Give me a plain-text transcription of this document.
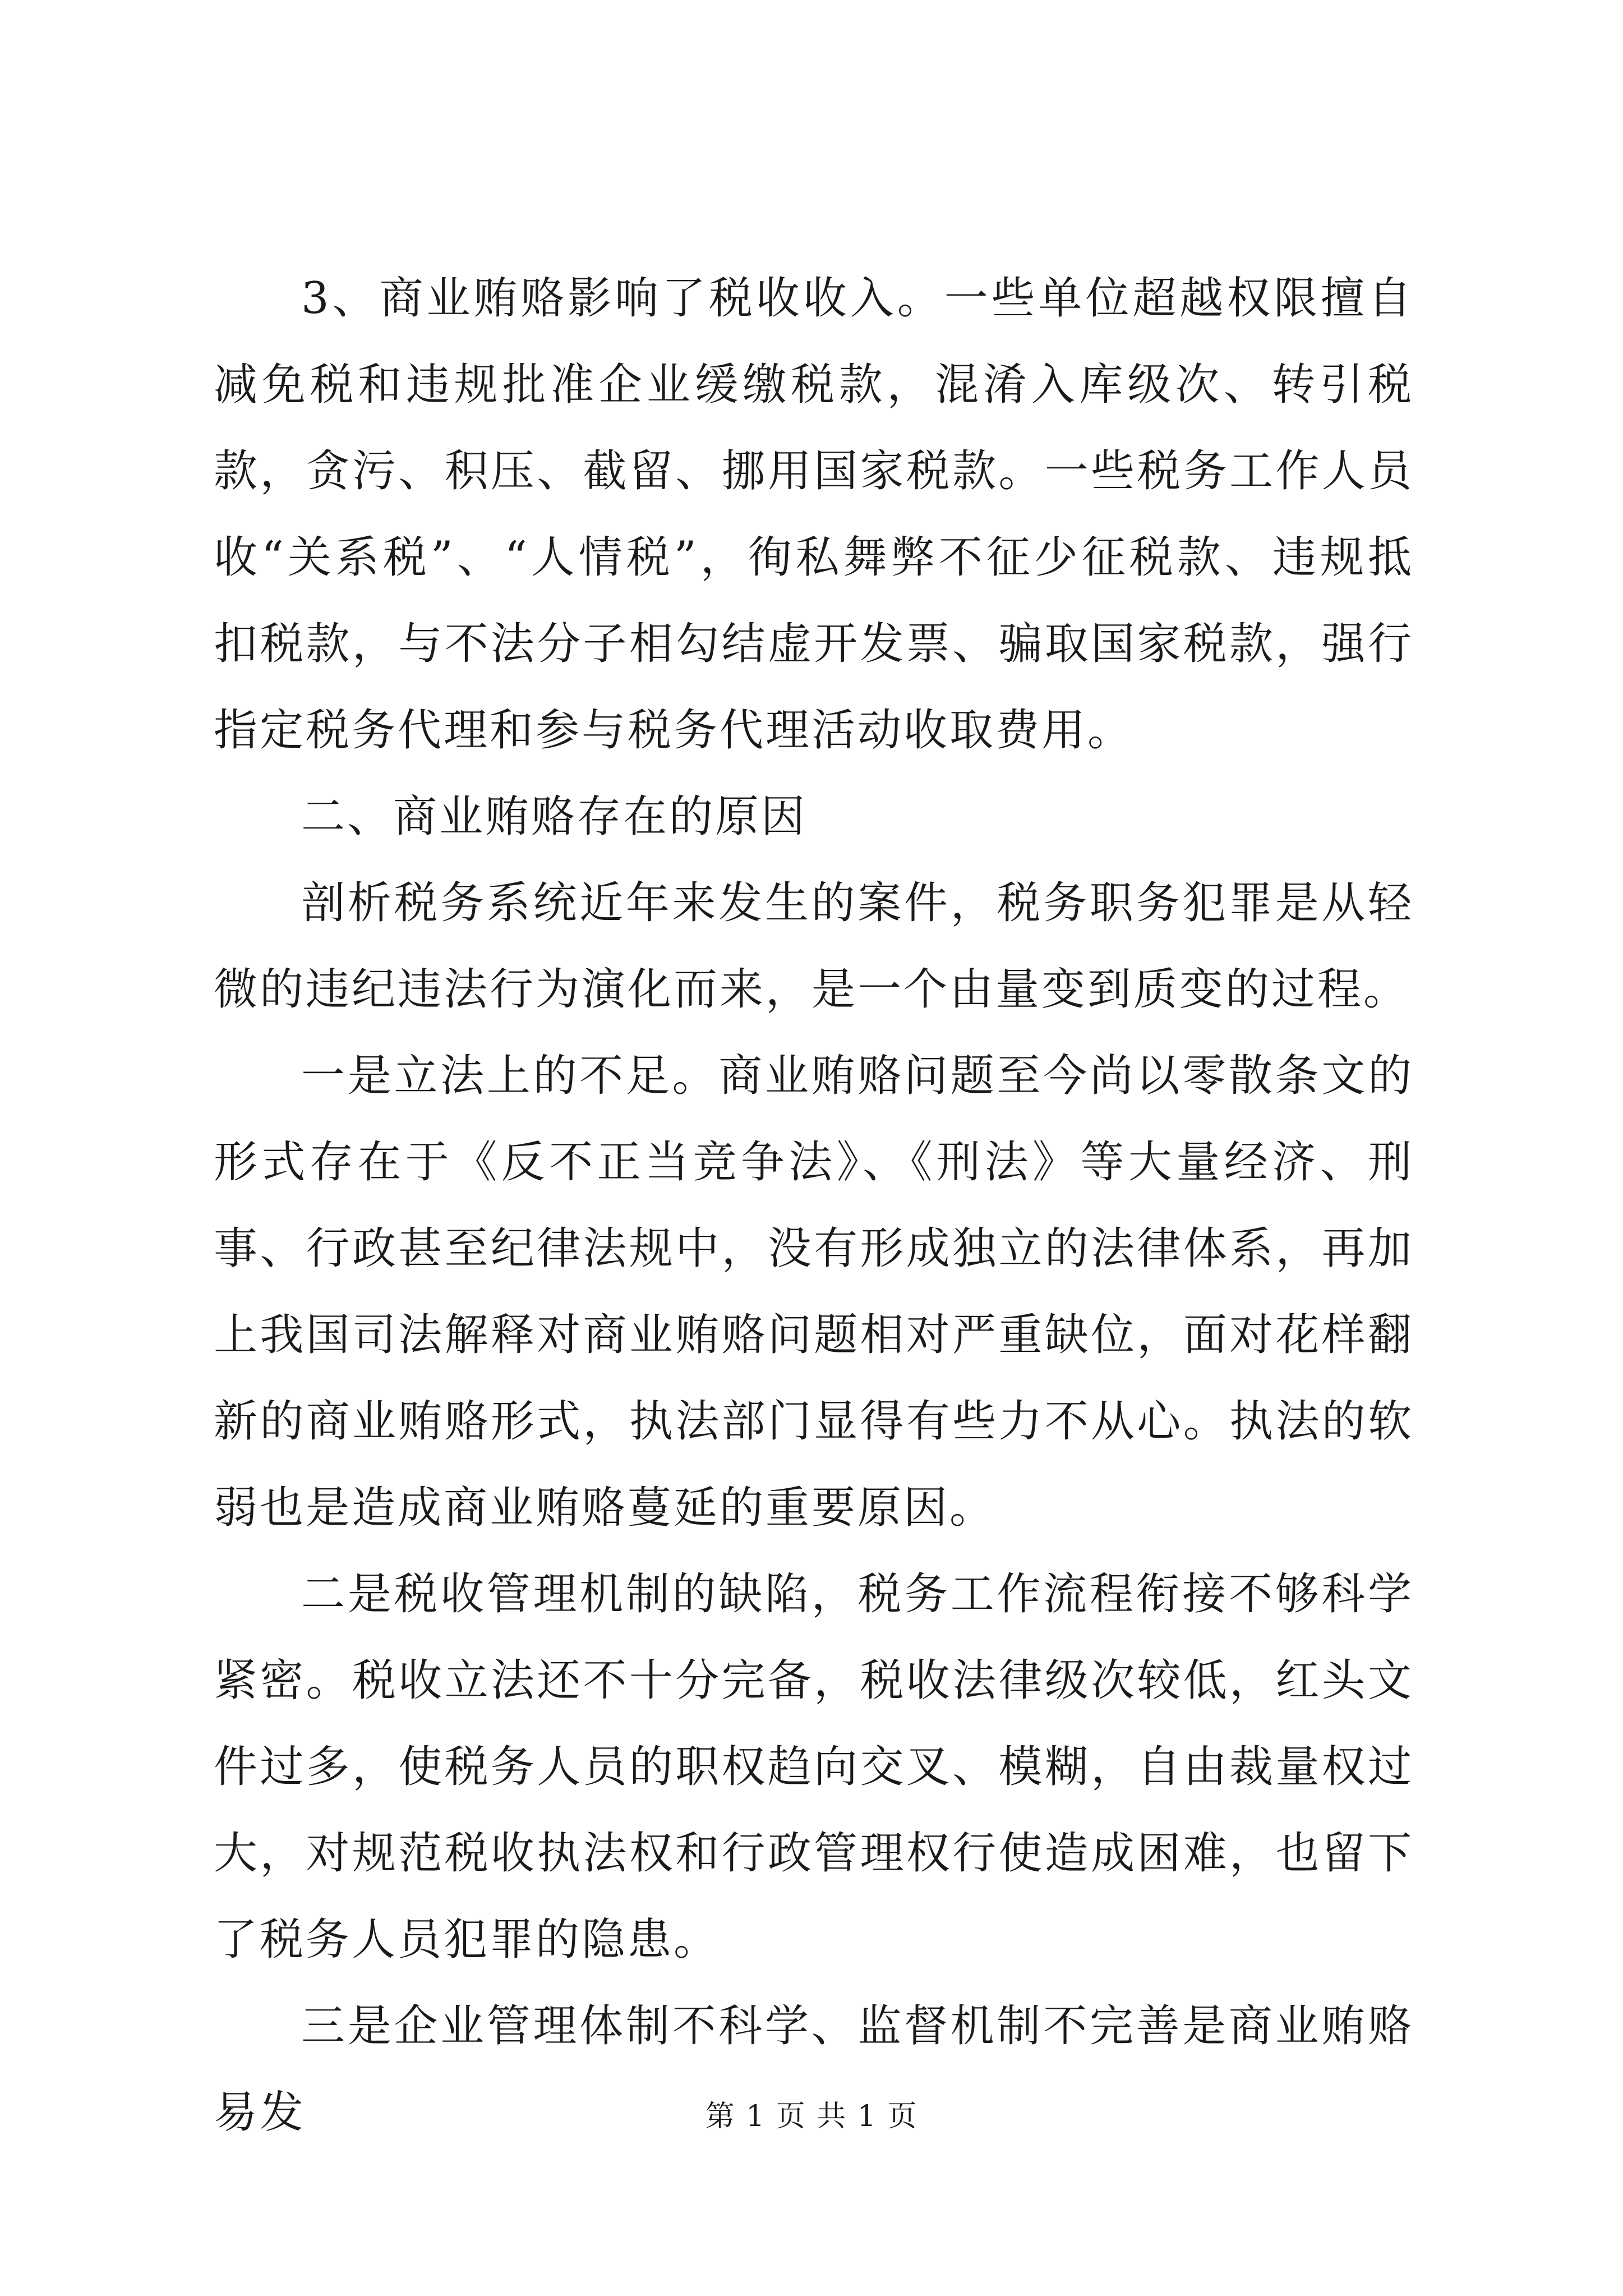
3、商业贿赂影响了税收收入。一些单位超越权限擅自减免税和违规批准企业缓缴税款，混淆入库级次、转引税款，贪污、积压、截留、挪用国家税款。一些税务工作人员收“关系税”、“人情税”，徇私舞弊不征少征税款、违规抵扣税款，与不法分子相勾结虚开发票、骗取国家税款，强行指定税务代理和参与税务代理活动收取费用。

二、商业贿赂存在的原因

剖析税务系统近年来发生的案件，税务职务犯罪是从轻微的违纪违法行为演化而来，是一个由量变到质变的过程。

一是立法上的不足。商业贿赂问题至今尚以零散条文的形式存在于《反不正当竞争法》、《刑法》等大量经济、刑事、行政甚至纪律法规中，没有形成独立的法律体系，再加上我国司法解释对商业贿赂问题相对严重缺位，面对花样翻新的商业贿赂形式，执法部门显得有些力不从心。执法的软弱也是造成商业贿赂蔓延的重要原因。

二是税收管理机制的缺陷，税务工作流程衔接不够科学紧密。税收立法还不十分完备，税收法律级次较低，红头文件过多，使税务人员的职权趋向交叉、模糊，自由裁量权过大，对规范税收执法权和行政管理权行使造成困难，也留下了税务人员犯罪的隐患。

三是企业管理体制不科学、监督机制不完善是商业贿赂易发	第 1 页 共 1 页
